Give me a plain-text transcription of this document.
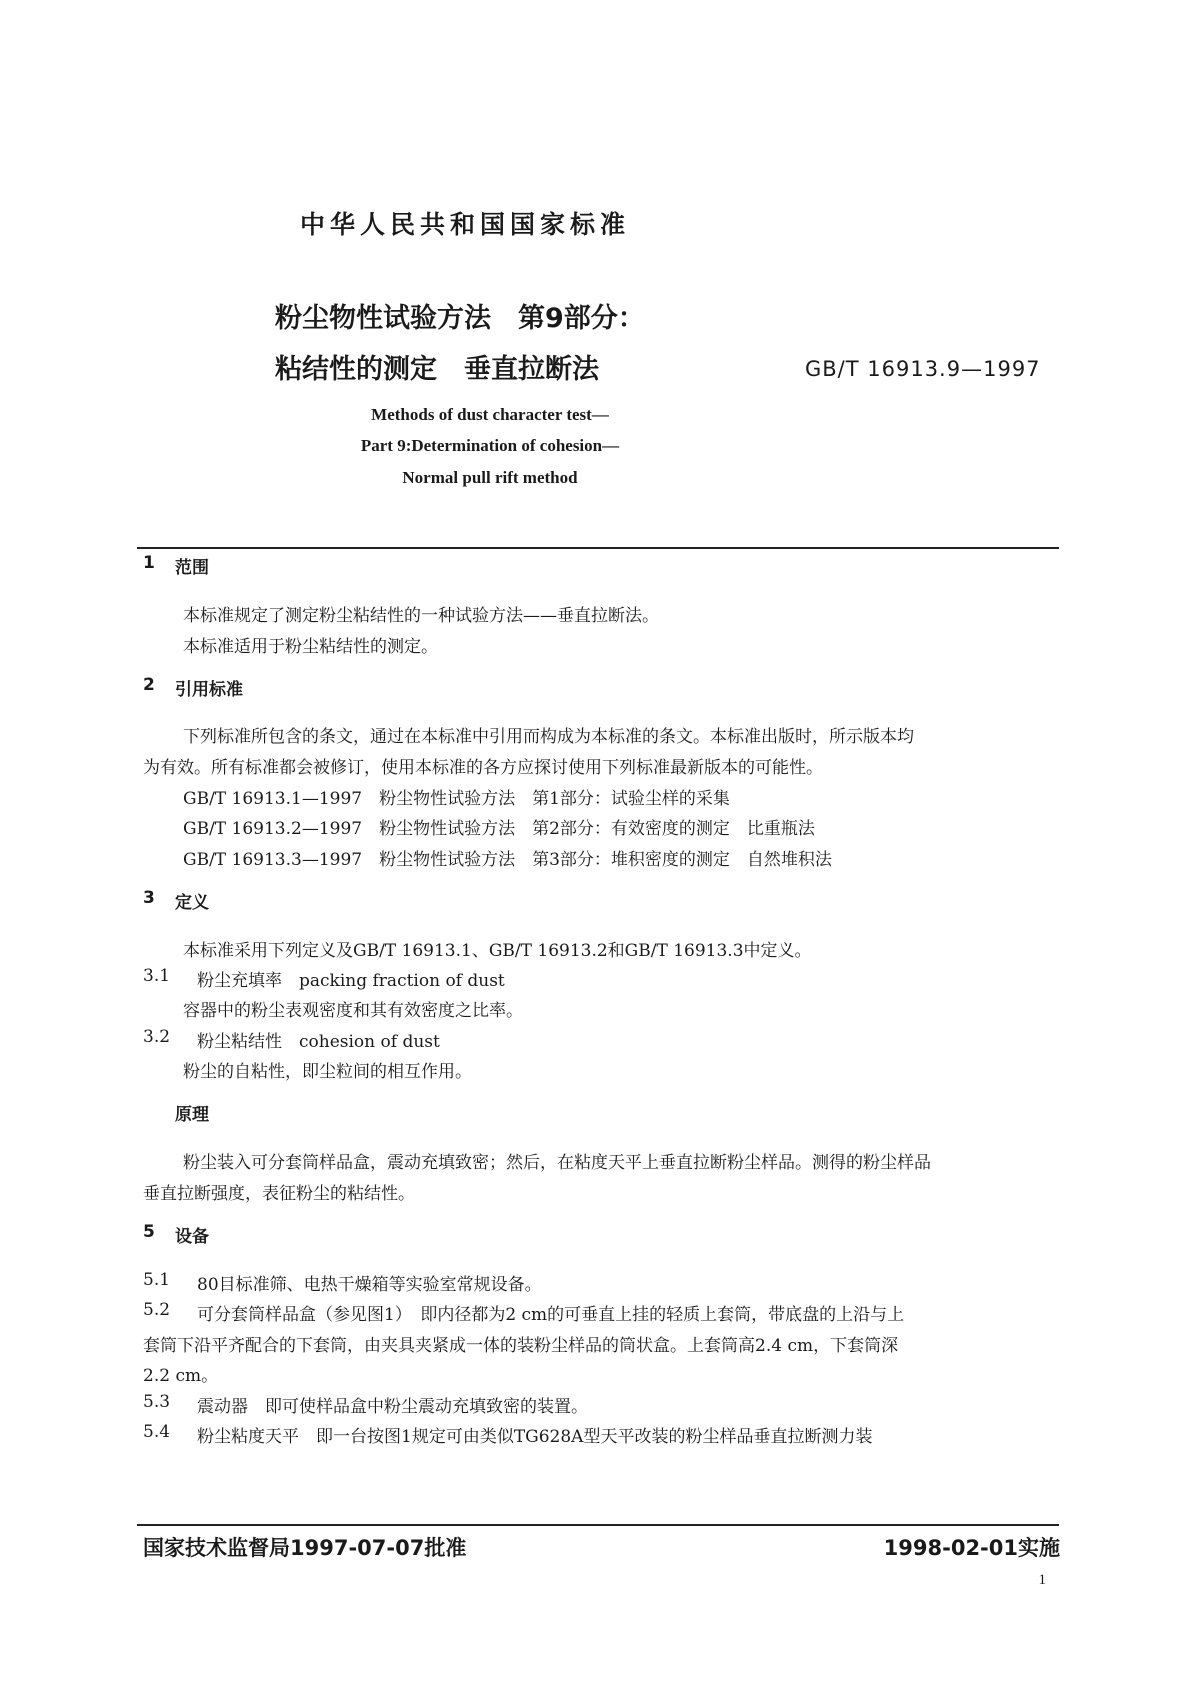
中华人民共和国国家标准
粉尘物性试验方法　第9部分：
粘结性的测定　垂直拉断法	GB/T 16913.9—1997
Methods of dust character test—
Part 9:Determination of cohesion—
Normal pull rift method
1 范围
本标准规定了测定粉尘粘结性的一种试验方法——垂直拉断法。
本标准适用于粉尘粘结性的测定。
2 引用标准
下列标准所包含的条文，通过在本标准中引用而构成为本标准的条文。本标准出版时，所示版本均
为有效。所有标准都会被修订，使用本标准的各方应探讨使用下列标准最新版本的可能性。
GB/T 16913.1—1997　粉尘物性试验方法　第1部分：试验尘样的采集
GB/T 16913.2—1997　粉尘物性试验方法　第2部分：有效密度的测定　比重瓶法
GB/T 16913.3—1997　粉尘物性试验方法　第3部分：堆积密度的测定　自然堆积法
3 定义
本标准采用下列定义及GB/T 16913.1、GB/T 16913.2和GB/T 16913.3中定义。
3.1 粉尘充填率　packing fraction of dust
容器中的粉尘表观密度和其有效密度之比率。
3.2 粉尘粘结性　cohesion of dust
粉尘的自粘性，即尘粒间的相互作用。
原理
粉尘装入可分套筒样品盒，震动充填致密；然后，在粘度天平上垂直拉断粉尘样品。测得的粉尘样品
垂直拉断强度，表征粉尘的粘结性。
5 设备
5.1 80目标准筛、电热干燥箱等实验室常规设备。
5.2 可分套筒样品盒（参见图1）　即内径都为2 cm的可垂直上挂的轻质上套筒，带底盘的上沿与上
套筒下沿平齐配合的下套筒，由夹具夹紧成一体的装粉尘样品的筒状盒。上套筒高2.4 cm，下套筒深
2.2 cm。
5.3 震动器　即可使样品盒中粉尘震动充填致密的装置。
5.4 粉尘粘度天平　即一台按图1规定可由类似TG628A型天平改装的粉尘样品垂直拉断测力装
国家技术监督局1997-07-07批准	1998-02-01实施
1
